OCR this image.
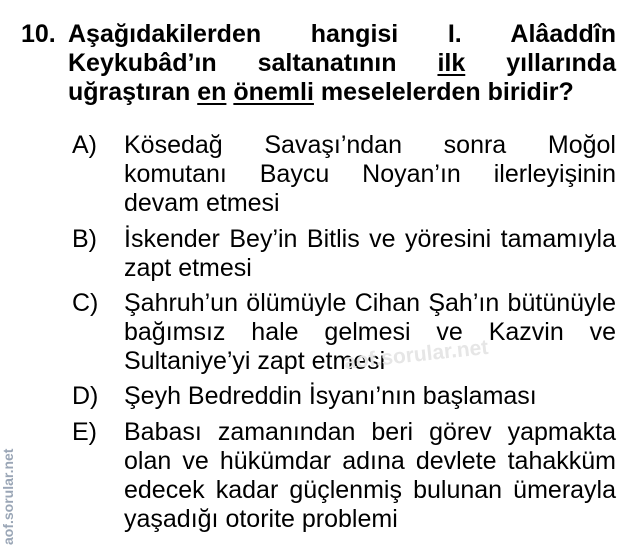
10. Aşağıdakilerden hangisi I. Alâaddîn
Keykubâd’ın saltanatının ilk yıllarında
uğraştıran en önemli meselelerden biridir?
A) Kösedağ Savaşı’ndan sonra Moğol
komutanı Baycu Noyan’ın ilerleyişinin
devam etmesi
B) İskender Bey’in Bitlis ve yöresini tamamıyla
zapt etmesi
C) Şahruh’un ölümüyle Cihan Şah’ın bütünüyle
bağımsız hale gelmesi ve Kazvin ve
Sultaniye’yi zapt etmesi
D) Şeyh Bedreddin İsyanı’nın başlaması
E) Babası zamanından beri görev yapmakta
olan ve hükümdar adına devlete tahakküm
edecek kadar güçlenmiş bulunan ümerayla
yaşadığı otorite problemi
aof.sorular.net
aof.sorular.net
